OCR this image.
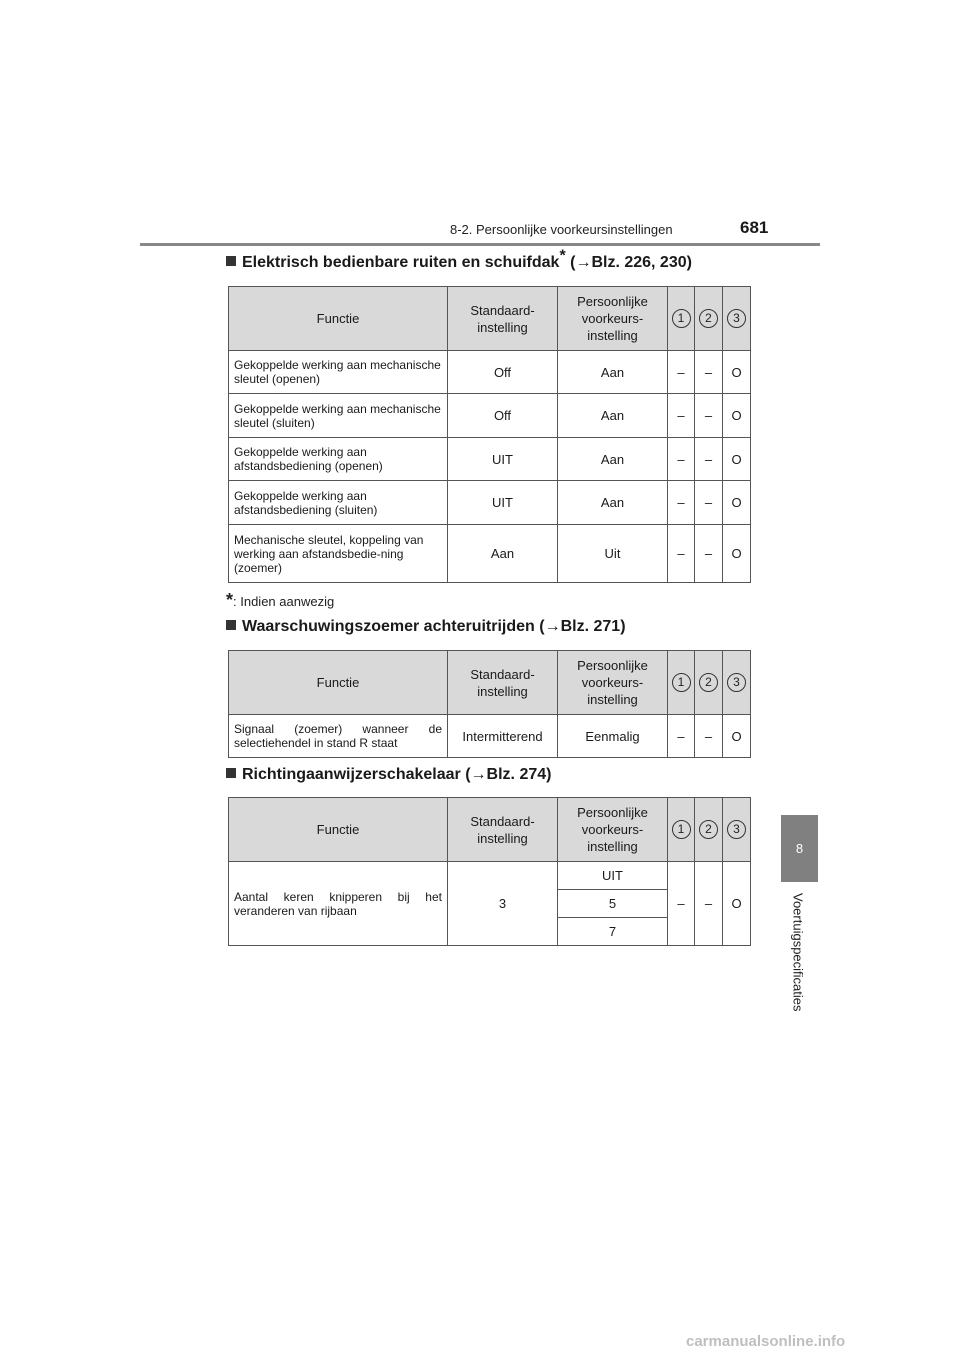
8-2. Persoonlijke voorkeursinstellingen	681
8
Voertuigspecificaties
Elektrisch bedienbare ruiten en schuifdak* (→Blz. 226, 230)
Functie	Standaard-instelling	Persoonlijke voorkeurs-instelling	1	2	3
Gekoppelde werking aan mechanische sleutel (openen)	Off	Aan	–	–	O
Gekoppelde werking aan mechanische sleutel (sluiten)	Off	Aan	–	–	O
Gekoppelde werking aan afstandsbediening (openen)	UIT	Aan	–	–	O
Gekoppelde werking aan afstandsbediening (sluiten)	UIT	Aan	–	–	O
Mechanische sleutel, koppeling van werking aan afstandsbedie-ning (zoemer)	Aan	Uit	–	–	O
*: Indien aanwezig
Waarschuwingszoemer achteruitrijden (→Blz. 271)
Functie	Standaard-instelling	Persoonlijke voorkeurs-instelling	1	2	3
Signaal (zoemer) wanneer de selectiehendel in stand R staat	Intermitterend	Eenmalig	–	–	O
Richtingaanwijzerschakelaar (→Blz. 274)
Functie	Standaard-instelling	Persoonlijke voorkeurs-instelling	1	2	3
Aantal keren knipperen bij het veranderen van rijbaan	3	UIT	–	–	O
		5			
		7			
carmanualsonline.info
